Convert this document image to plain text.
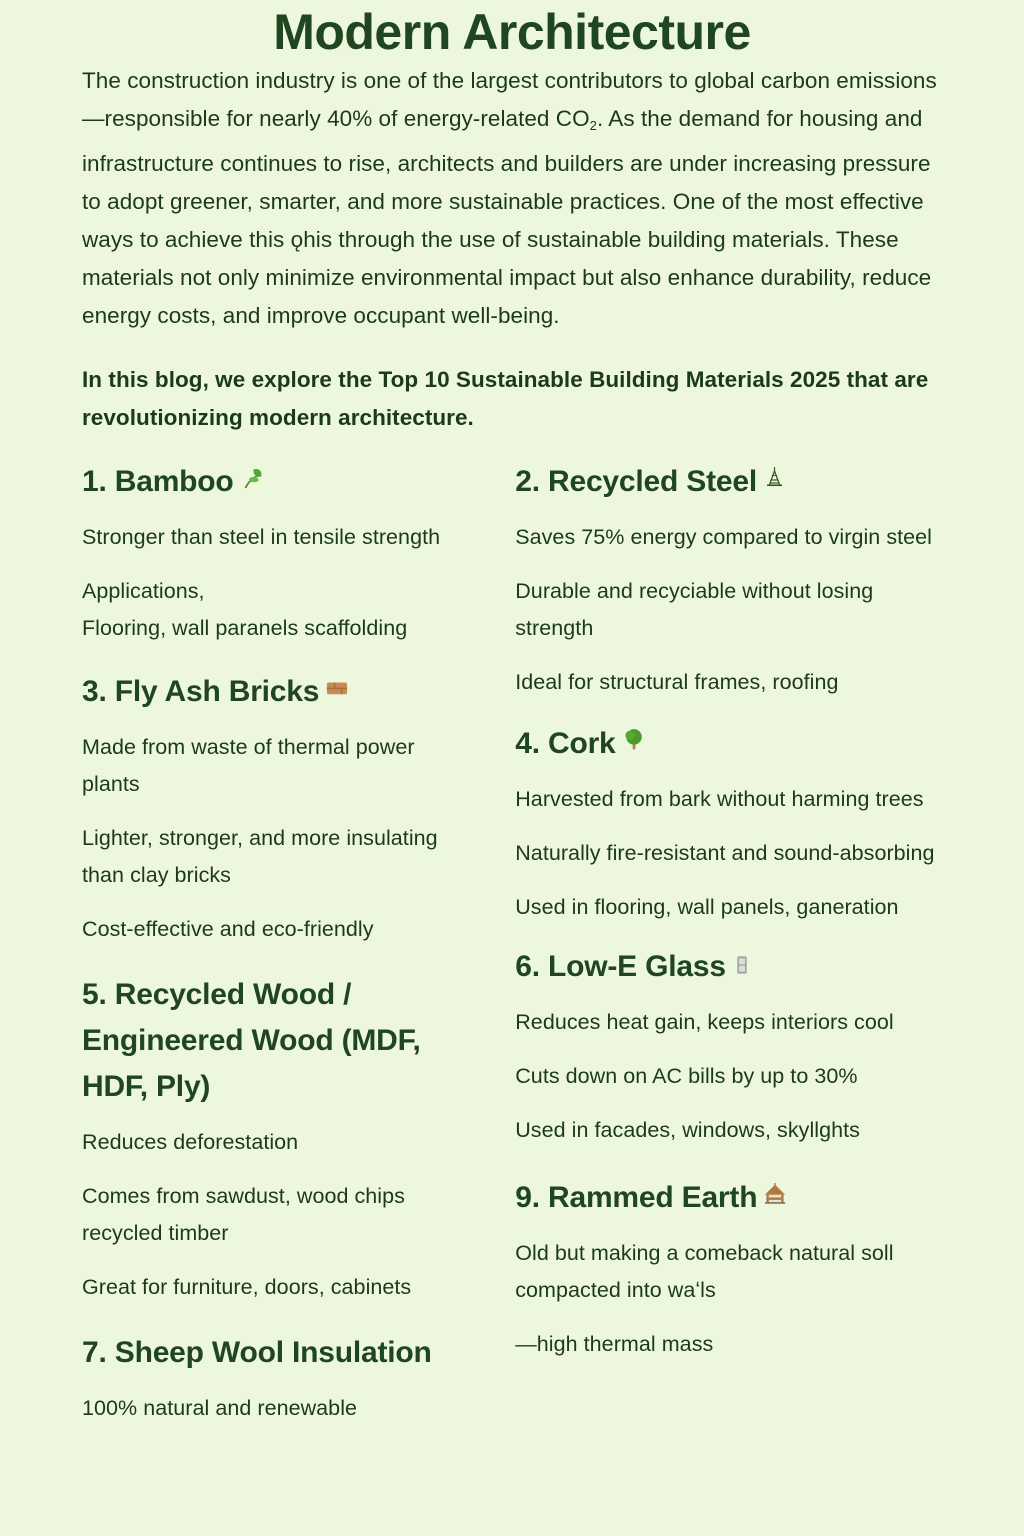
Modern Architecture

The construction industry is one of the largest contributors to global carbon emissions—responsible for nearly 40% of energy-related $CO_2$. As the demand for housing and infrastructure continues to rise, architects and builders are under increasing pressure to adopt greener, smarter, and more sustainable practices. One of the most effective ways to achieve this ǫhis through the use of sustainable building materials. These materials not only minimize environmental impact but also enhance durability, reduce energy costs, and improve occupant well-being.

In this blog, we explore the Top 10 Sustainable Building Materials 2025 that are revolutionizing modern architecture.

1. Bamboo

Stronger than steel in tensile strength

Applications,
Flooring, wall paranels scaffolding

3. Fly Ash Bricks

Made from waste of thermal power plants

Lighter, stronger, and more insulating than clay bricks

Cost-effective and eco-friendly

5. Recycled Wood / Engineered Wood (MDF, HDF, Ply)

Reduces deforestation

Comes from sawdust, wood chips recycled timber

Great for furniture, doors, cabinets

7. Sheep Wool Insulation

100% natural and renewable

2. Recycled Steel

Saves 75% energy compared to virgin steel

Durable and recyciable without losing strength

Ideal for structural frames, roofing

4. Cork

Harvested from bark without harming trees

Naturally fire-resistant and sound-absorbing

Used in flooring, wall panels, ganeration

6. Low-E Glass

Reduces heat gain, keeps interiors cool

Cuts down on AC bills by up to 30%

Used in facades, windows, skyllghts

9. Rammed Earth

Old but making a comeback natural soll compacted into waʻls

—high thermal mass
